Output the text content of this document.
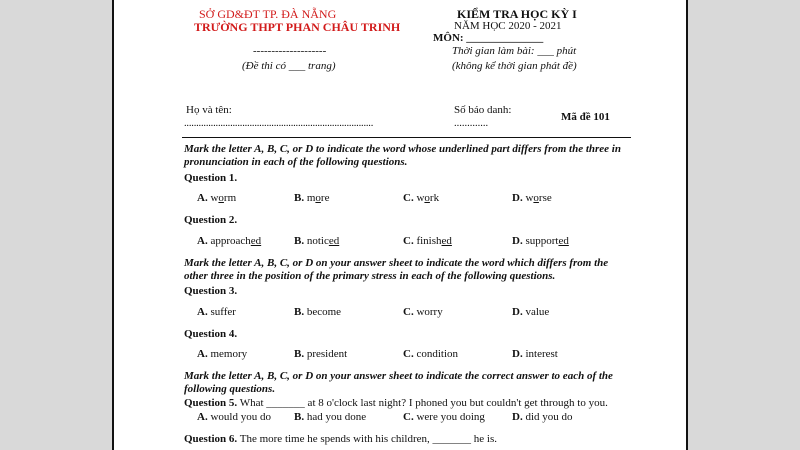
SỞ GD&ĐT TP. ĐÀ NẴNG
TRƯỜNG THPT PHAN CHÂU TRINH
--------------------
(Đề thi có ___ trang)
KIỂM TRA HỌC KỲ I
NĂM HỌC 2020 - 2021
MÔN: ______________
Thời gian làm bài: ___ phút
(không kể thời gian phát đề)
Họ và tên:
..............................................................................
Số báo danh:
.............
Mã đề 101
Mark the letter A, B, C, or D to indicate the word whose underlined part differs from the three in
pronunciation in each of the following questions.
Question 1.
A. worm	B. more	C. work	D. worse
Question 2.
A. approached	B. noticed	C. finished	D. supported
Mark the letter A, B, C, or D on your answer sheet to indicate the word which differs from the
other three in the position of the primary stress in each of the following questions.
Question 3.
A. suffer	B. become	C. worry	D. value
Question 4.
A. memory	B. president	C. condition	D. interest
Mark the letter A, B, C, or D on your answer sheet to indicate the correct answer to each of the
following questions.
Question 5. What _______ at 8 o'clock last night? I phoned you but couldn't get through to you.
A. would you do B. had you done	C. were you doing D. did you do
Question 6. The more time he spends with his children, _______ he is.
